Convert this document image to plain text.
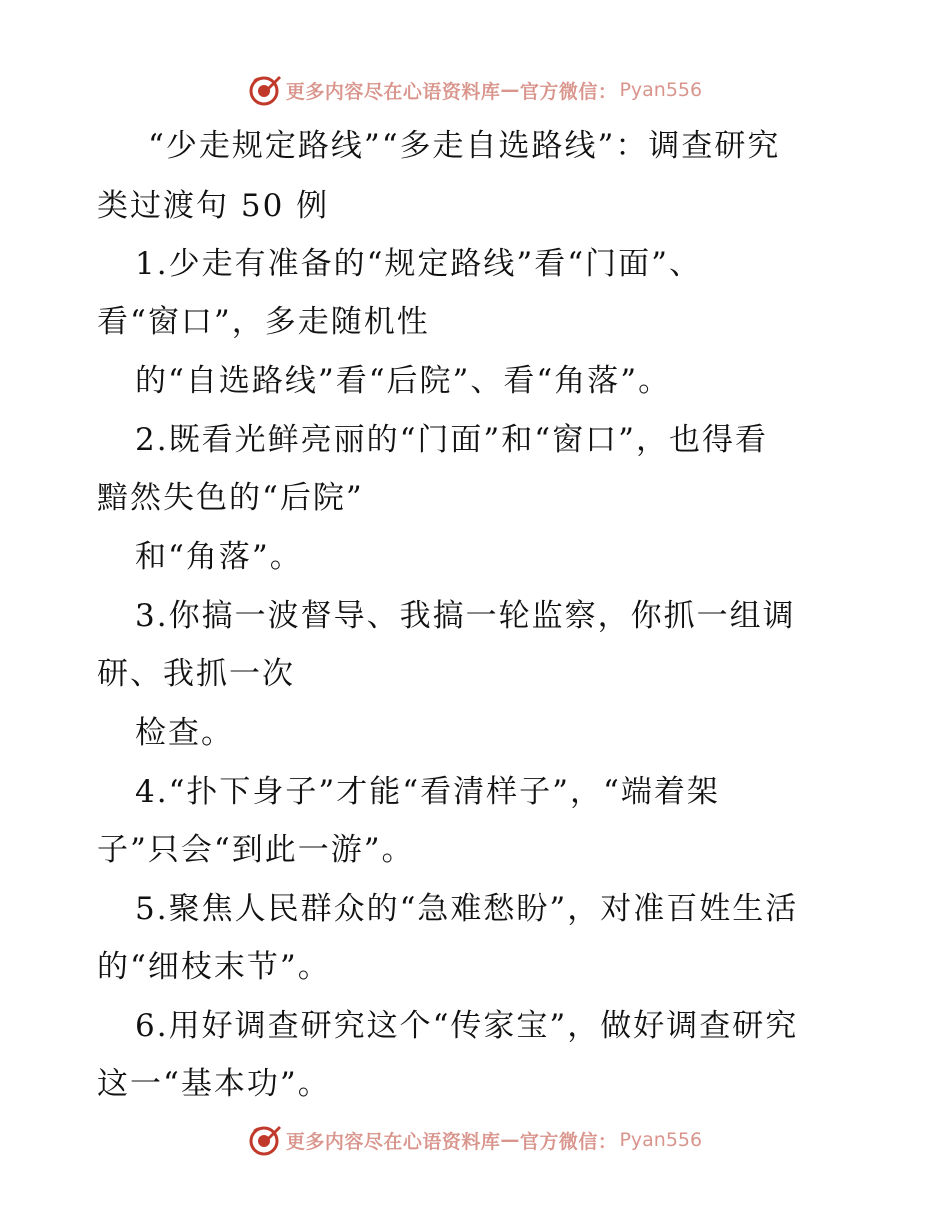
更多内容尽在心语资料库 — 官方微信： Pyan556
“少走规定路线”“多走自选路线”：调查研究
类过渡句 50 例
1.少走有准备的“规定路线”看“门面”、
看“窗口”，多走随机性
的“自选路线”看“后院”、看“角落”。
2.既看光鲜亮丽的“门面”和“窗口”，也得看
黯然失色的“后院”
和“角落”。
3.你搞一波督导、我搞一轮监察，你抓一组调
研、我抓一次
检查。
4.“扑下身子”才能“看清样子”，“端着架
子”只会“到此一游”。
5.聚焦人民群众的“急难愁盼”，对准百姓生活
的“细枝末节”。
6.用好调查研究这个“传家宝”，做好调查研究
这一“基本功”。
更多内容尽在心语资料库 — 官方微信： Pyan556
